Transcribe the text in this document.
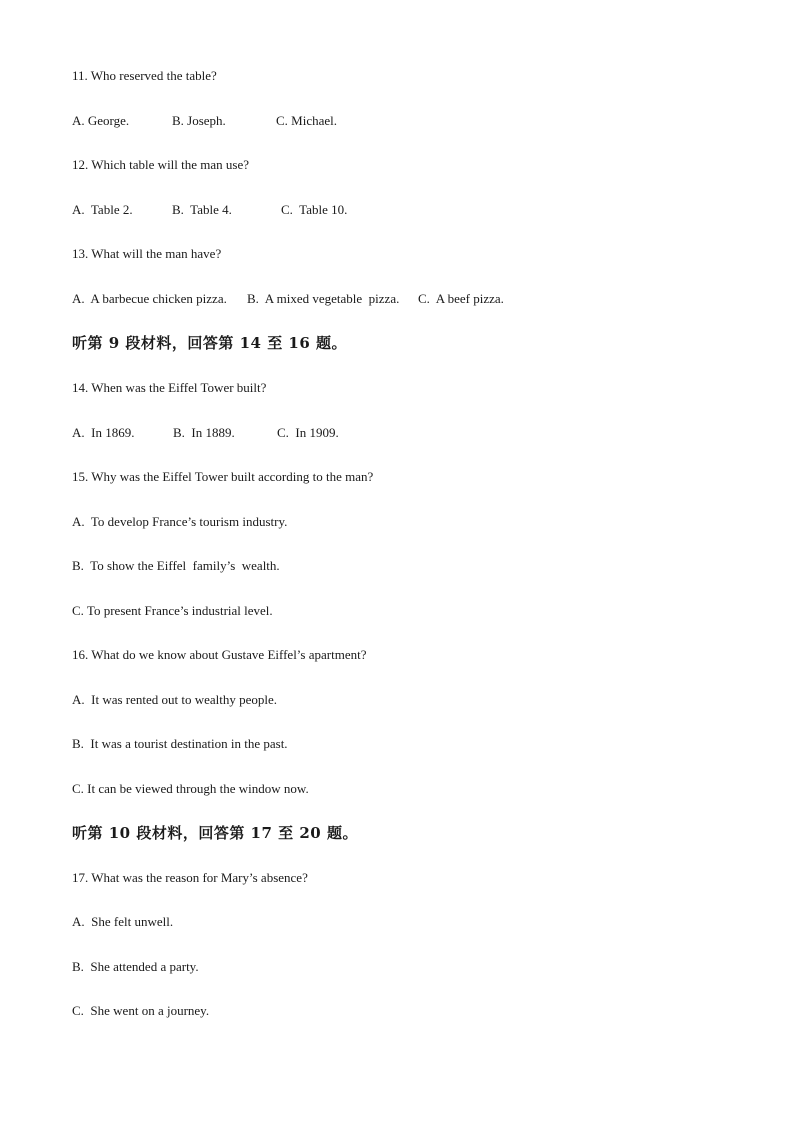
11. Who reserved the table?
A. George.	B. Joseph.	C. Michael.
12. Which table will the man use?
A.  Table 2.	B.  Table 4.	C.  Table 10.
13. What will the man have?
A.  A barbecue chicken pizza. B.  A mixed vegetable  pizza. C.  A beef pizza.
听第 9 段材料，回答第 14 至 16 题。
14. When was the Eiffel Tower built?
A.  In 1869.	B.  In 1889.	C.  In 1909.
15. Why was the Eiffel Tower built according to the man?
A.  To develop France’s tourism industry.
B.  To show the Eiffel  family’s  wealth.
C. To present France’s industrial level.
16. What do we know about Gustave Eiffel’s apartment?
A.  It was rented out to wealthy people.
B.  It was a tourist destination in the past.
C. It can be viewed through the window now.
听第 10 段材料，回答第 17 至 20 题。
17. What was the reason for Mary’s absence?
A.  She felt unwell.
B.  She attended a party.
C.  She went on a journey.
